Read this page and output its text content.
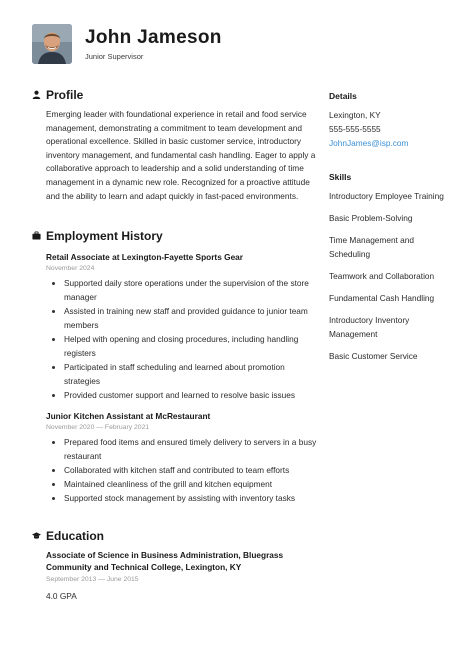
John Jameson
Junior Supervisor
Profile

Emerging leader with foundational experience in retail and food service management, demonstrating a commitment to team development and operational excellence. Skilled in basic customer service, introductory inventory management, and fundamental cash handling. Eager to apply a collaborative approach to leadership and a solid understanding of time management in a dynamic new role. Recognized for a proactive attitude and the ability to learn and adapt quickly in fast-paced environments.

Employment History
Retail Associate at Lexington-Fayette Sports Gear
November 2024
Supported daily store operations under the supervision of the store manager
Assisted in training new staff and provided guidance to junior team members
Helped with opening and closing procedures, including handling registers
Participated in staff scheduling and learned about promotion strategies
Provided customer support and learned to resolve basic issues
Junior Kitchen Assistant at McRestaurant
November 2020 — February 2021
Prepared food items and ensured timely delivery to servers in a busy restaurant
Collaborated with kitchen staff and contributed to team efforts
Maintained cleanliness of the grill and kitchen equipment
Supported stock management by assisting with inventory tasks
Education
Associate of Science in Business Administration, Bluegrass Community and Technical College, Lexington, KY
September 2013 — June 2015
4.0 GPA
Details
Lexington, KY
555-555-5555
JohnJames@isp.com
Skills
Introductory Employee Training
Basic Problem-Solving
Time Management and Scheduling
Teamwork and Collaboration
Fundamental Cash Handling
Introductory Inventory Management
Basic Customer Service
